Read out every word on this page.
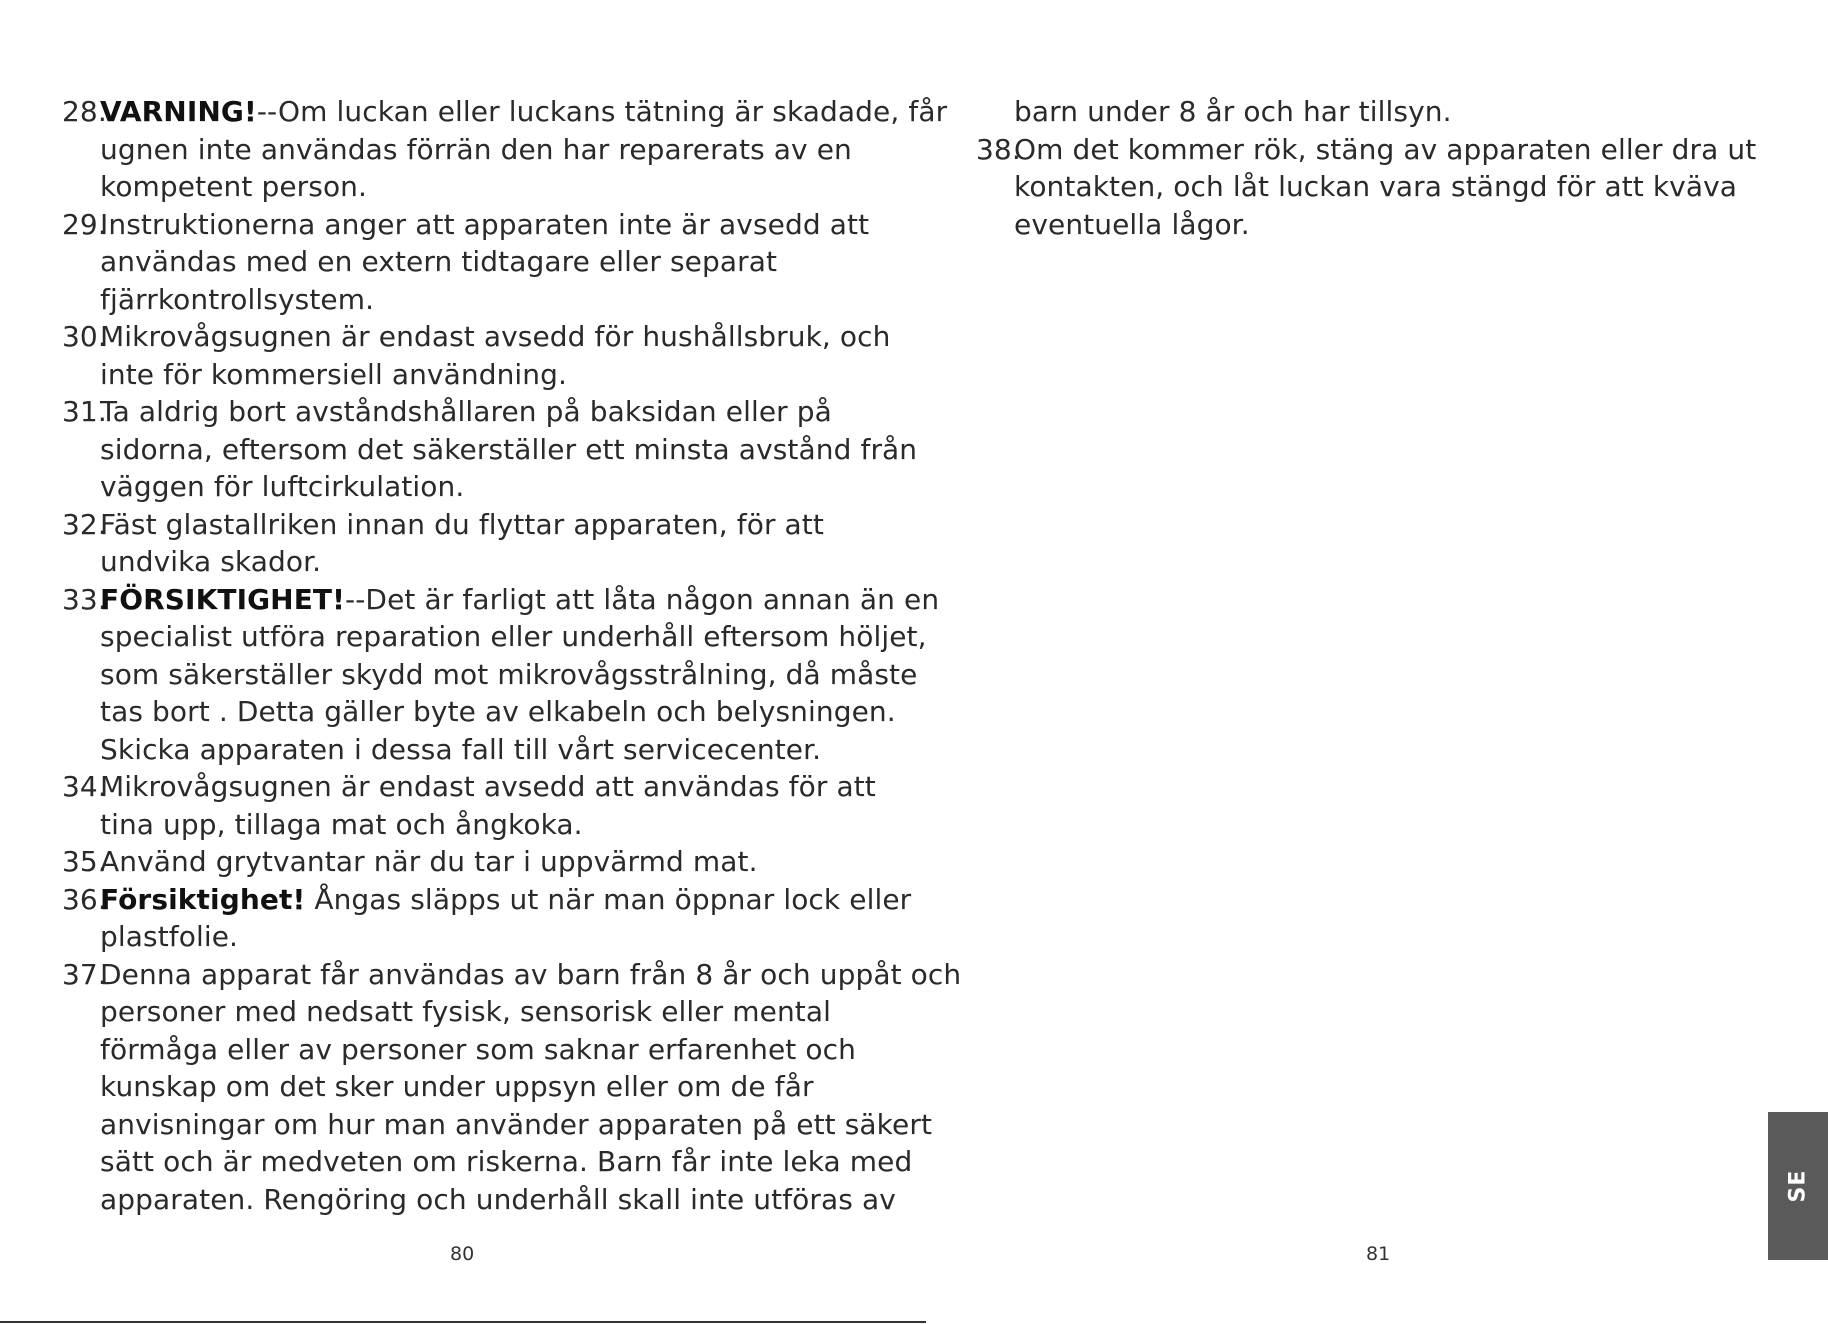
28.
VARNING!--Om luckan eller luckans tätning är skadade, får
ugnen inte användas förrän den har reparerats av en
kompetent person.
29.
Instruktionerna anger att apparaten inte är avsedd att
användas med en extern tidtagare eller separat
fjärrkontrollsystem.
30.
Mikrovågsugnen är endast avsedd för hushållsbruk, och
inte för kommersiell användning.
31.
Ta aldrig bort avståndshållaren på baksidan eller på
sidorna, eftersom det säkerställer ett minsta avstånd från
väggen för luftcirkulation.
32.
Fäst glastallriken innan du flyttar apparaten, för att
undvika skador.
33.
FÖRSIKTIGHET!--Det är farligt att låta någon annan än en
specialist utföra reparation eller underhåll eftersom höljet,
som säkerställer skydd mot mikrovågsstrålning, då måste
tas bort . Detta gäller byte av elkabeln och belysningen.
Skicka apparaten i dessa fall till vårt servicecenter.
34.
Mikrovågsugnen är endast avsedd att användas för att
tina upp, tillaga mat och ångkoka.
35.
Använd grytvantar när du tar i uppvärmd mat.
36.
Försiktighet! Ångas släpps ut när man öppnar lock eller
plastfolie.
37.
Denna apparat får användas av barn från 8 år och uppåt och
personer med nedsatt fysisk, sensorisk eller mental
förmåga eller av personer som saknar erfarenhet och
kunskap om det sker under uppsyn eller om de får
anvisningar om hur man använder apparaten på ett säkert
sätt och är medveten om riskerna. Barn får inte leka med
apparaten. Rengöring och underhåll skall inte utföras av
80
barn under 8 år och har tillsyn.
38.
Om det kommer rök, stäng av apparaten eller dra ut
kontakten, och låt luckan vara stängd för att kväva
eventuella lågor.
81
SE
